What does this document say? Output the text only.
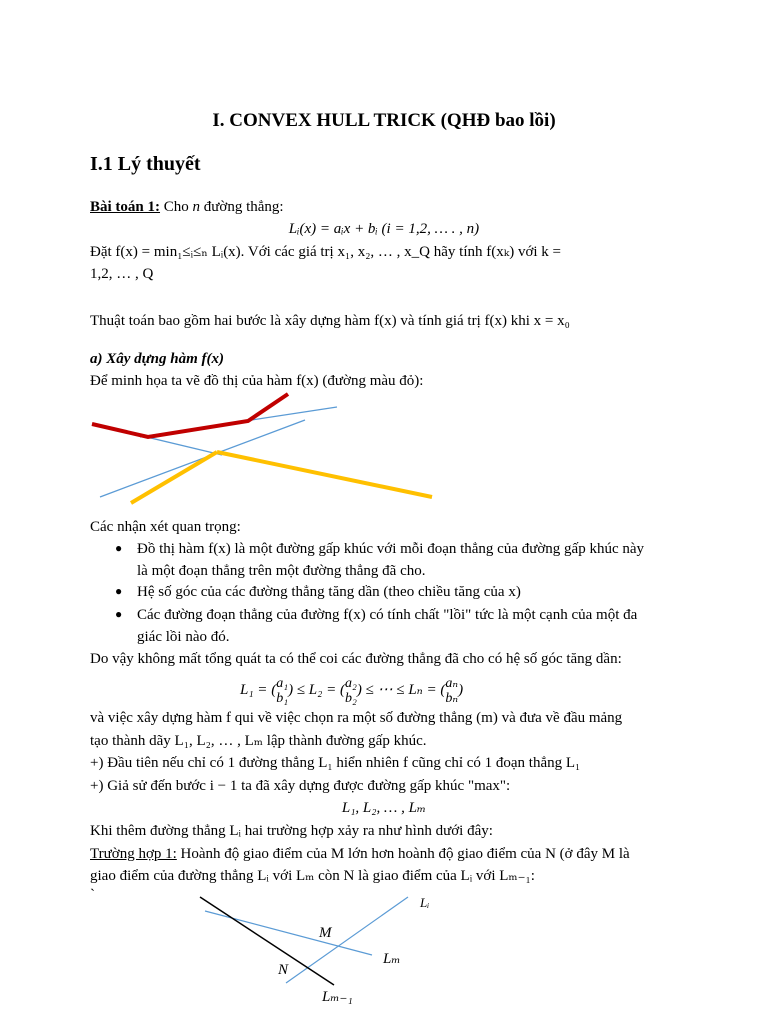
I. CONVEX HULL TRICK (QHĐ bao lồi)
I.1 Lý thuyết
Bài toán 1: Cho n đường thẳng:
Lᵢ(x) = aᵢx + bᵢ (i = 1,2, … . , n)
Đặt f(x) = min₁≤ᵢ≤ₙ Lᵢ(x). Với các giá trị x₁, x₂, … , x_Q hãy tính f(xₖ) với k =
1,2, … , Q
Thuật toán bao gồm hai bước là xây dựng hàm f(x) và tính giá trị f(x) khi x = x₀
a) Xây dựng hàm f(x)
Để minh họa ta vẽ đồ thị của hàm f(x) (đường màu đỏ):
Các nhận xét quan trọng:
● Đồ thị hàm f(x) là một đường gấp khúc với mỗi đoạn thẳng của đường gấp khúc này
là một đoạn thẳng trên một đường thẳng đã cho.
● Hệ số góc của các đường thẳng tăng dần (theo chiều tăng của x)
● Các đường đoạn thẳng của đường f(x) có tính chất "lồi" tức là một cạnh của một đa
giác lồi nào đó.
Do vậy không mất tổng quát ta có thể coi các đường thẳng đã cho có hệ số góc tăng dần:
L₁ = (a₁
b₁) ≤ L₂ = (a₂
b₂) ≤ ⋯ ≤ Lₙ = (aₙ
bₙ)
và việc xây dựng hàm f qui về việc chọn ra một số đường thẳng (m) và đưa về đầu mảng
tạo thành dãy L₁, L₂, … , Lₘ lập thành đường gấp khúc.
+) Đầu tiên nếu chỉ có 1 đường thẳng L₁ hiển nhiên f cũng chỉ có 1 đoạn thẳng L₁
+) Giả sử đến bước i − 1 ta đã xây dựng được đường gấp khúc "max":
L₁, L₂, … , Lₘ
Khi thêm đường thẳng Lᵢ hai trường hợp xảy ra như hình dưới đây:
Trường hợp 1: Hoành độ giao điểm của M lớn hơn hoành độ giao điểm của N (ở đây M là
giao điểm của đường thẳng Lᵢ với Lₘ còn N là giao điểm của Lᵢ với Lₘ₋₁:
`	Lᵢ
M
Lₘ
N
Lₘ₋₁
